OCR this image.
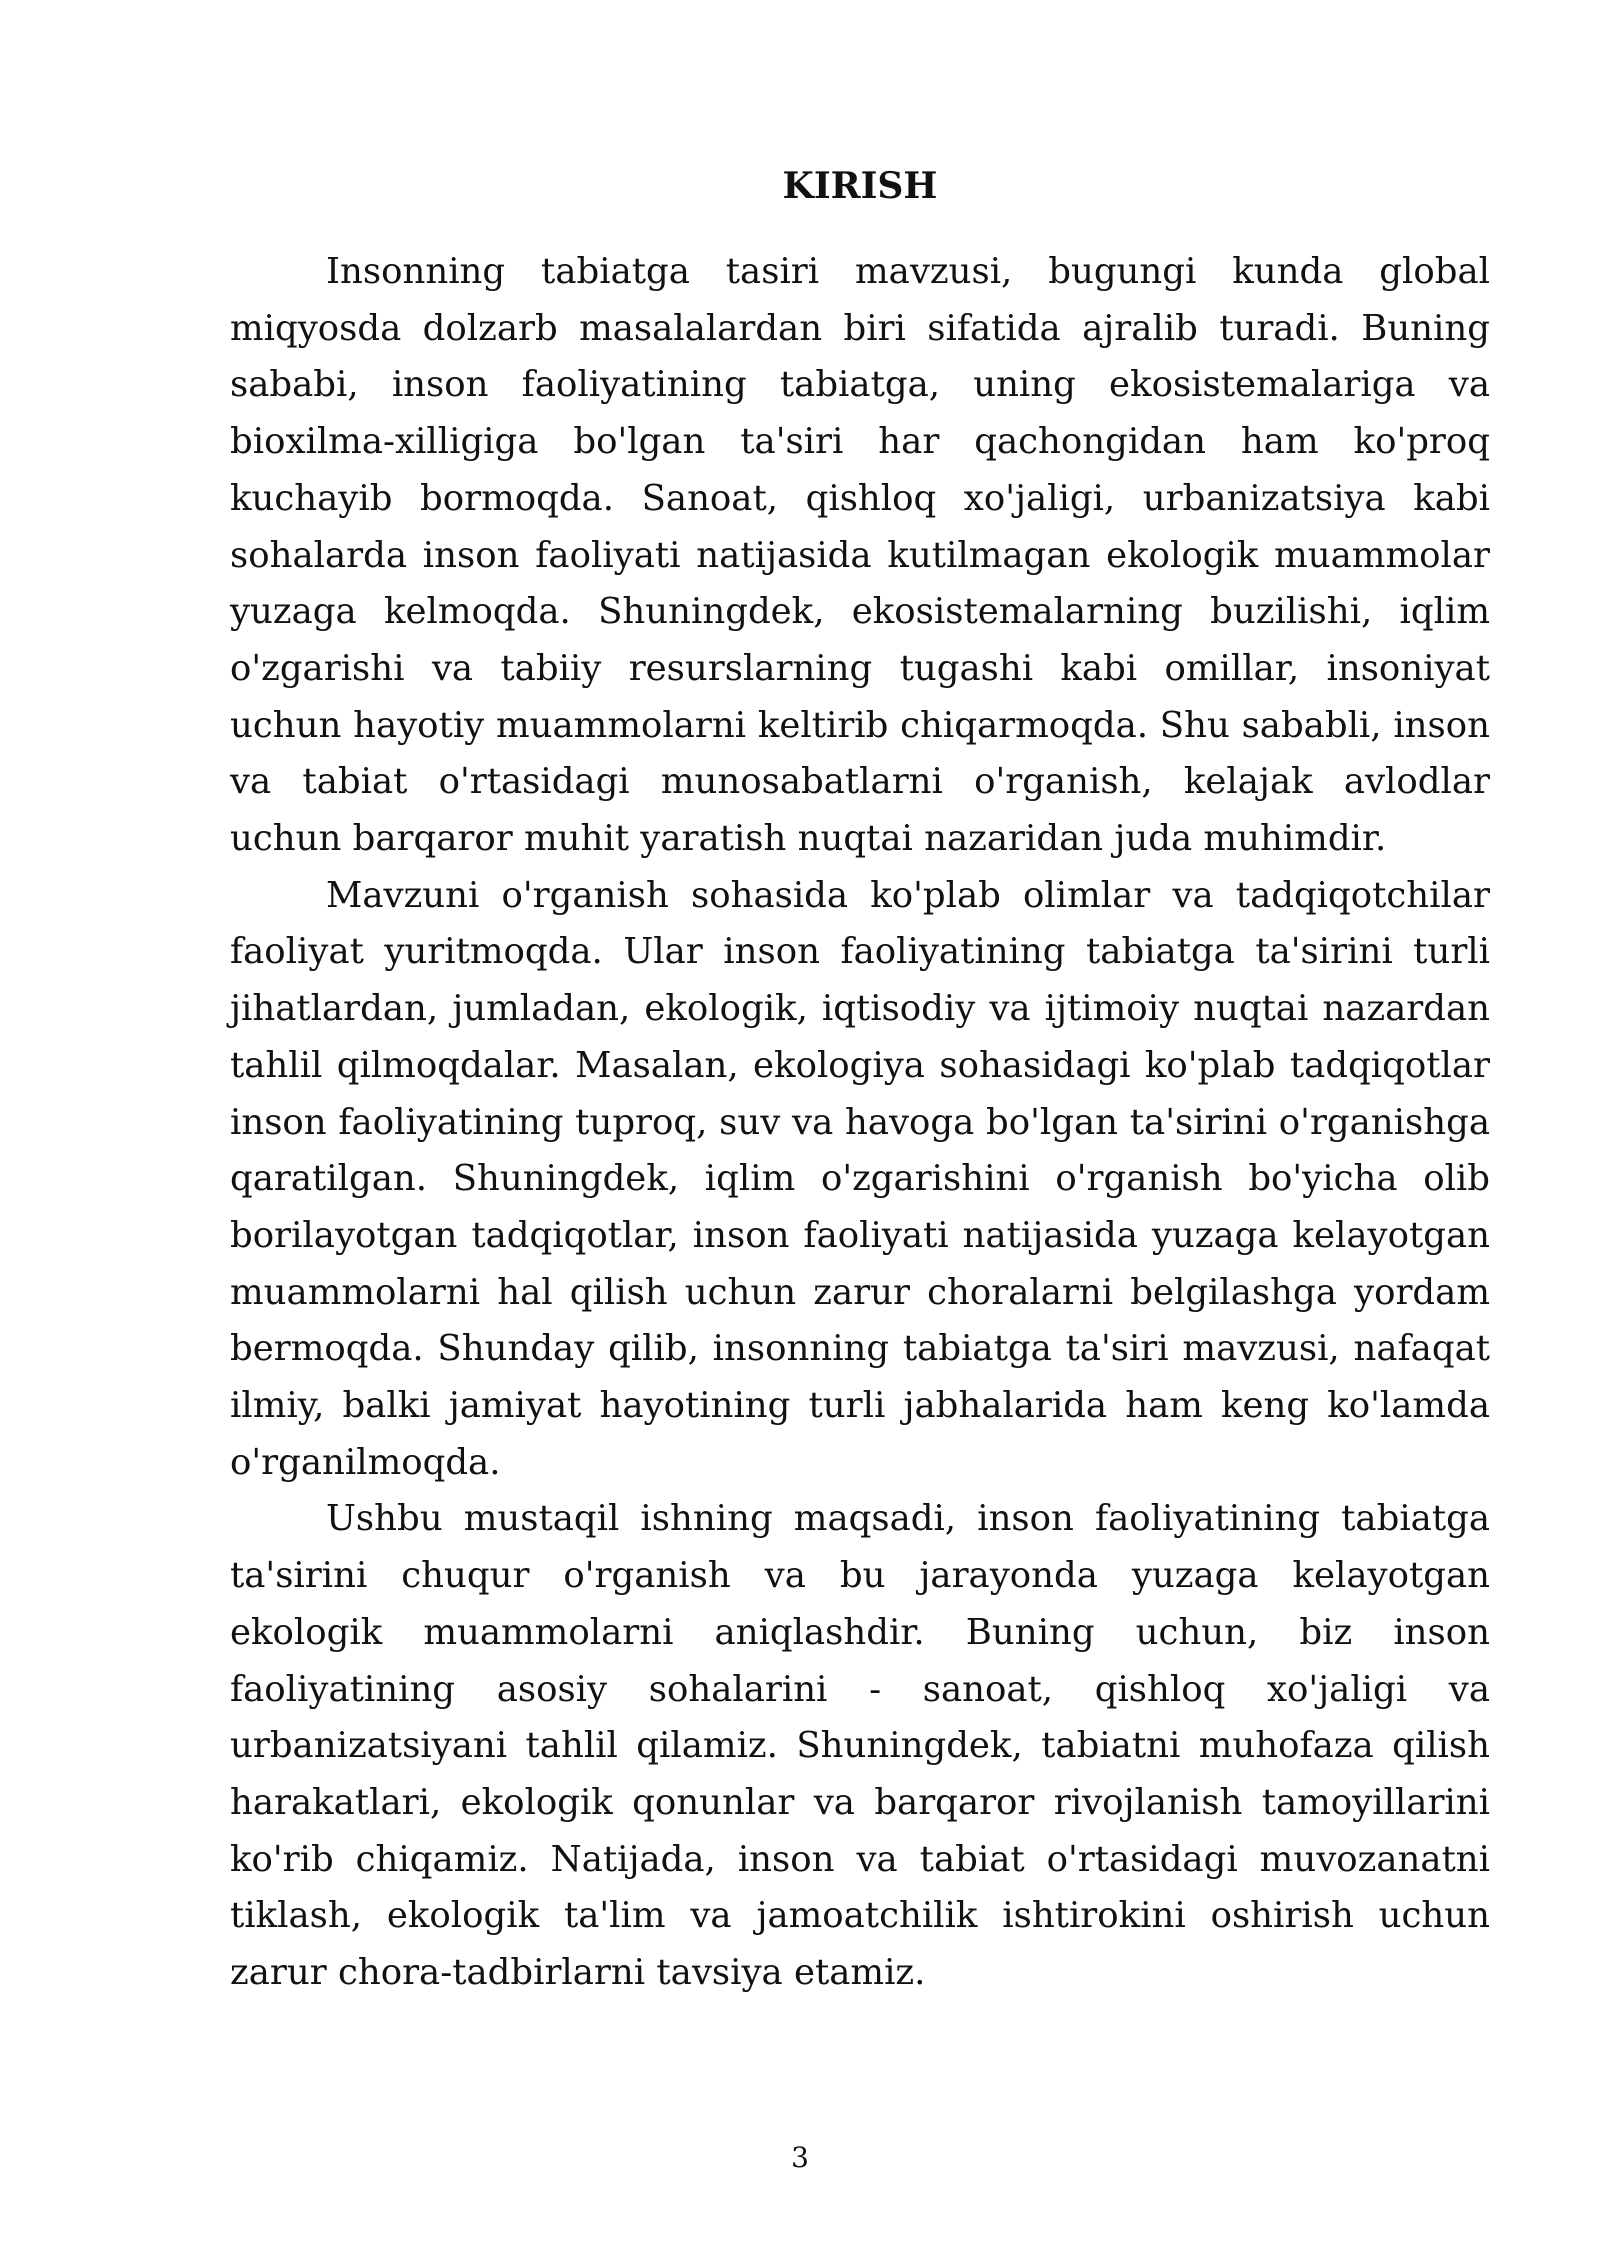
KIRISH

Insonning tabiatga tasiri mavzusi, bugungi kunda global miqyosda dolzarb masalalardan biri sifatida ajralib turadi. Buning sababi, inson faoliyatining tabiatga, uning ekosistemalariga va bioxilma-xilligiga bo'lgan ta'siri har qachongidan ham ko'proq kuchayib bormoqda. Sanoat, qishloq xo'jaligi, urbanizatsiya kabi sohalarda inson faoliyati natijasida kutilmagan ekologik muammolar yuzaga kelmoqda. Shuningdek, ekosistemalarning buzilishi, iqlim o'zgarishi va tabiiy resurslarning tugashi kabi omillar, insoniyat uchun hayotiy muammolarni keltirib chiqarmoqda. Shu sababli, inson va tabiat o'rtasidagi munosabatlarni o'rganish, kelajak avlodlar uchun barqaror muhit yaratish nuqtai nazaridan juda muhimdir.

Mavzuni o'rganish sohasida ko'plab olimlar va tadqiqotchilar faoliyat yuritmoqda. Ular inson faoliyatining tabiatga ta'sirini turli jihatlardan, jumladan, ekologik, iqtisodiy va ijtimoiy nuqtai nazardan tahlil qilmoqdalar. Masalan, ekologiya sohasidagi ko'plab tadqiqotlar inson faoliyatining tuproq, suv va havoga bo'lgan ta'sirini o'rganishga qaratilgan. Shuningdek, iqlim o'zgarishini o'rganish bo'yicha olib borilayotgan tadqiqotlar, inson faoliyati natijasida yuzaga kelayotgan muammolarni hal qilish uchun zarur choralarni belgilashga yordam bermoqda. Shunday qilib, insonning tabiatga ta'siri mavzusi, nafaqat ilmiy, balki jamiyat hayotining turli jabhalarida ham keng ko'lamda o'rganilmoqda.

Ushbu mustaqil ishning maqsadi, inson faoliyatining tabiatga ta'sirini chuqur o'rganish va bu jarayonda yuzaga kelayotgan ekologik muammolarni aniqlashdir. Buning uchun, biz inson faoliyatining asosiy sohalarini - sanoat, qishloq xo'jaligi va urbanizatsiyani tahlil qilamiz. Shuningdek, tabiatni muhofaza qilish harakatlari, ekologik qonunlar va barqaror rivojlanish tamoyillarini ko'rib chiqamiz. Natijada, inson va tabiat o'rtasidagi muvozanatni tiklash, ekologik ta'lim va jamoatchilik ishtirokini oshirish uchun zarur chora-tadbirlarni tavsiya etamiz.

3
